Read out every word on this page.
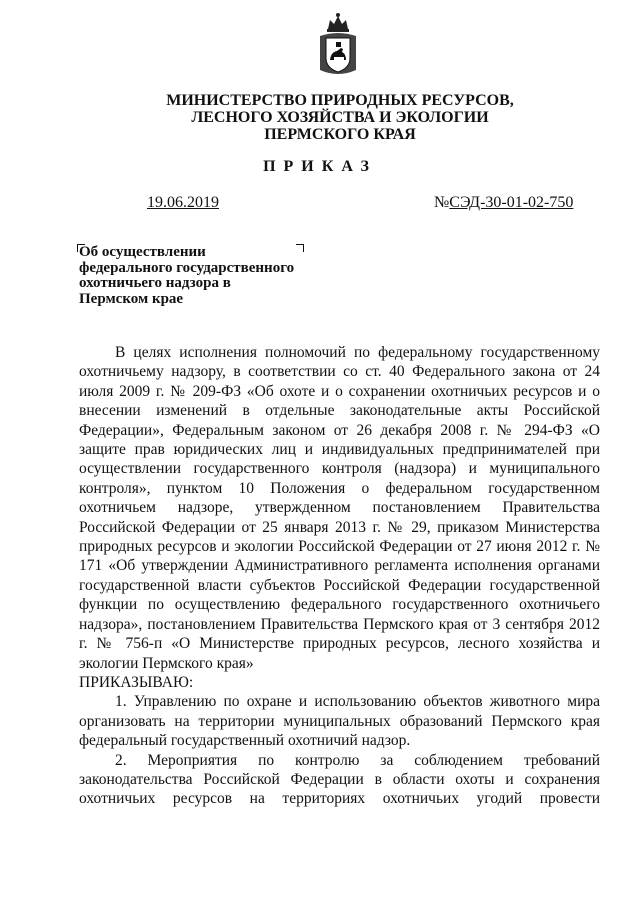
МИНИСТЕРСТВО ПРИРОДНЫХ РЕСУРСОВ,
ЛЕСНОГО ХОЗЯЙСТВА И ЭКОЛОГИИ
ПЕРМСКОГО КРАЯ
ПРИКАЗ
19.06.2019	№СЭД-30-01-02-750
Об осуществлении
федерального государственного
охотничьего надзора в
Пермском крае

В целях исполнения полномочий по федеральному государственному охотничьему надзору, в соответствии со ст. 40 Федерального закона от 24 июля 2009 г. № 209-ФЗ «Об охоте и о сохранении охотничьих ресурсов и о внесении изменений в отдельные законодательные акты Российской Федерации», Федеральным законом от 26 декабря 2008 г. № 294-ФЗ «О защите прав юридических лиц и индивидуальных предпринимателей при осуществлении государственного контроля (надзора) и муниципального контроля», пунктом 10 Положения о федеральном государственном охотничьем надзоре, утвержденном постановлением Правительства Российской Федерации от 25 января 2013 г. № 29, приказом Министерства природных ресурсов и экологии Российской Федерации от 27 июня 2012 г. № 171 «Об утверждении Административного регламента исполнения органами государственной власти субъектов Российской Федерации государственной функции по осуществлению федерального государственного охотничьего надзора», постановлением Правительства Пермского края от 3 сентября 2012 г. № 756-п «О Министерстве природных ресурсов, лесного хозяйства и экологии Пермского края»

ПРИКАЗЫВАЮ:

1. Управлению по охране и использованию объектов животного мира организовать на территории муниципальных образований Пермского края федеральный государственный охотничий надзор.

2. Мероприятия по контролю за соблюдением требований законодательства Российской Федерации в области охоты и сохранения охотничьих ресурсов на территориях охотничьих угодий провести
